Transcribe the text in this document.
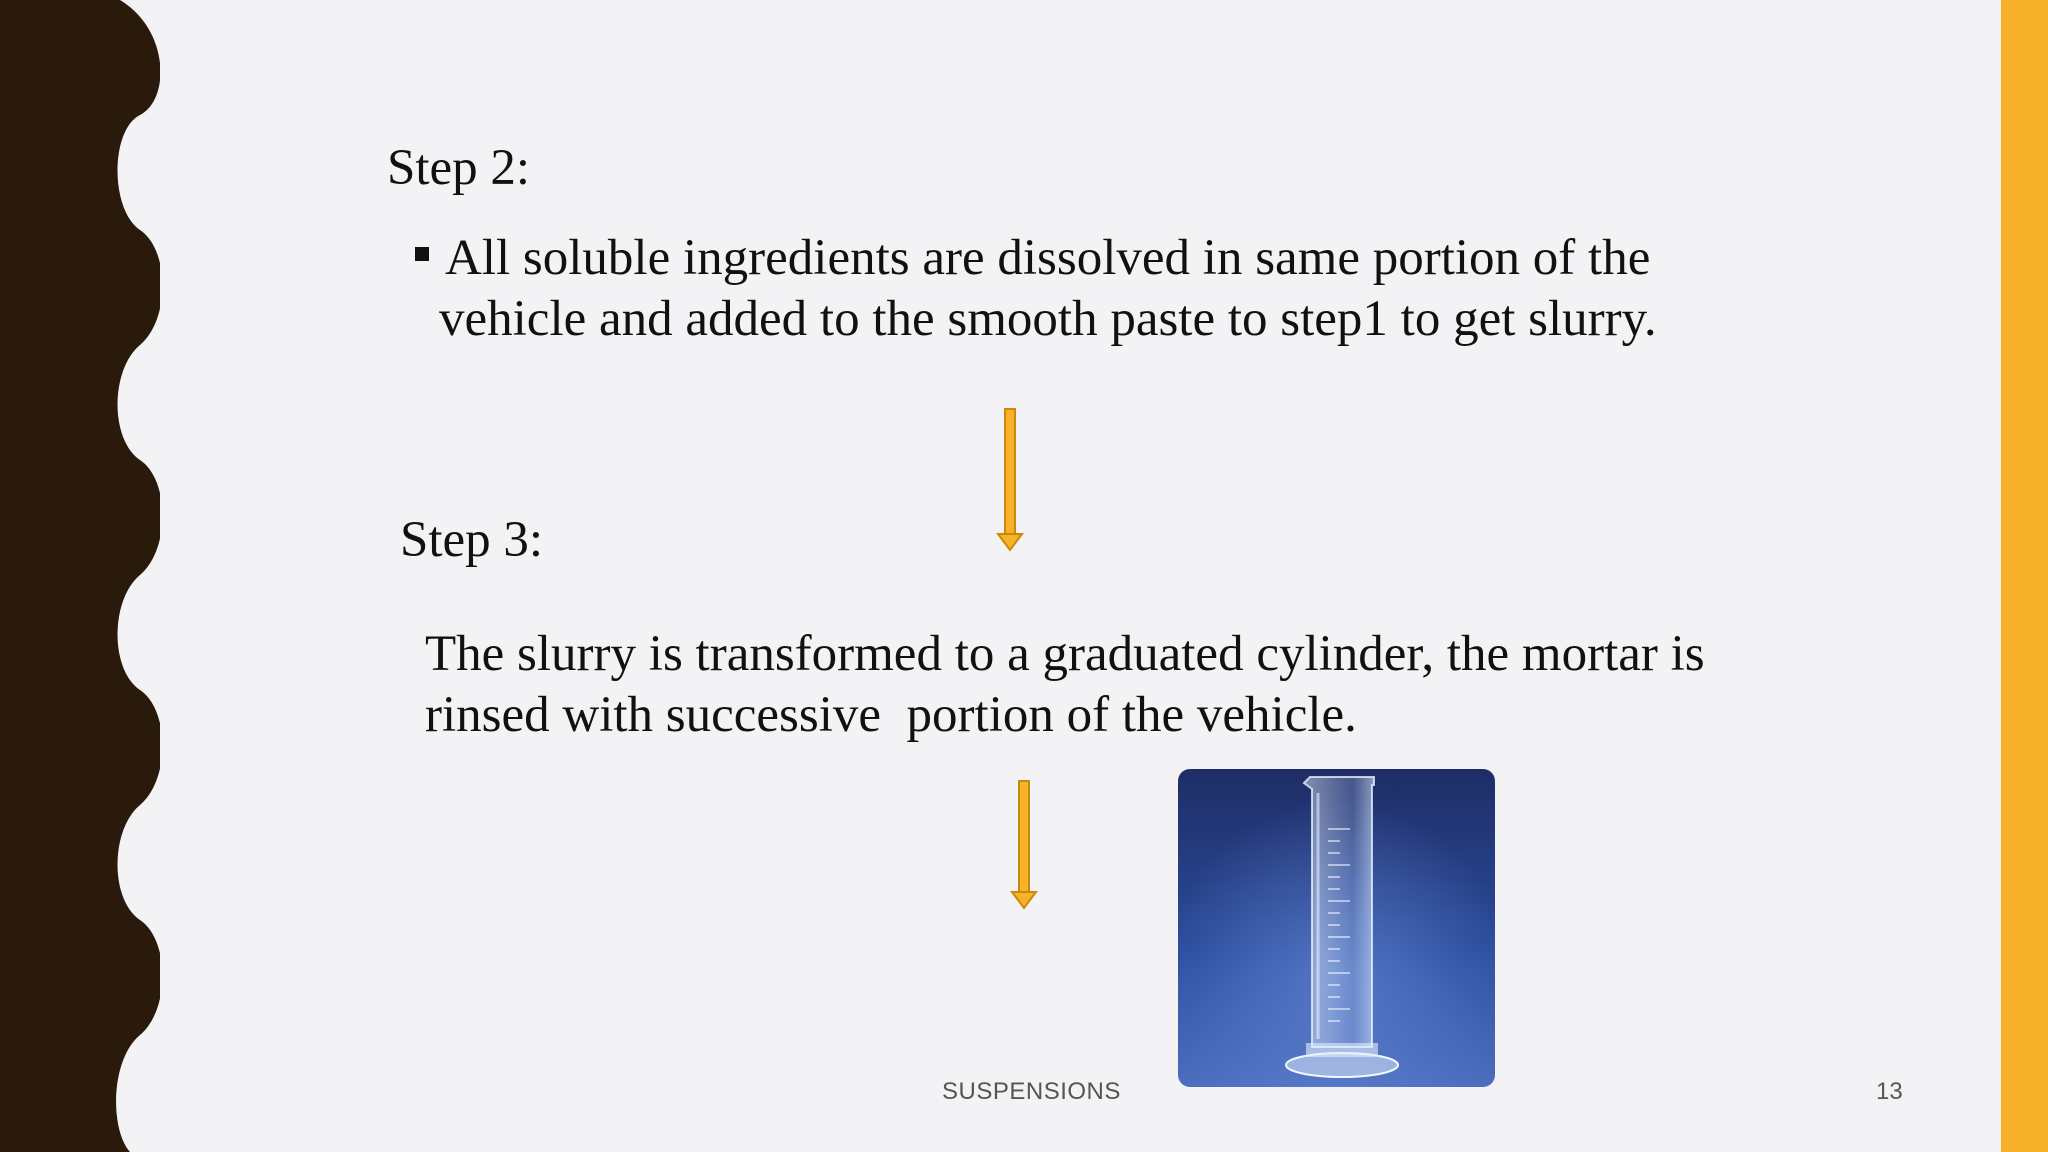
Step 2:
All soluble ingredients are dissolved in same portion of the
vehicle and added to the smooth paste to step1 to get slurry.
Step 3:
The slurry is transformed to a graduated cylinder, the mortar is
rinsed with successive  portion of the vehicle.
SUSPENSIONS	13
